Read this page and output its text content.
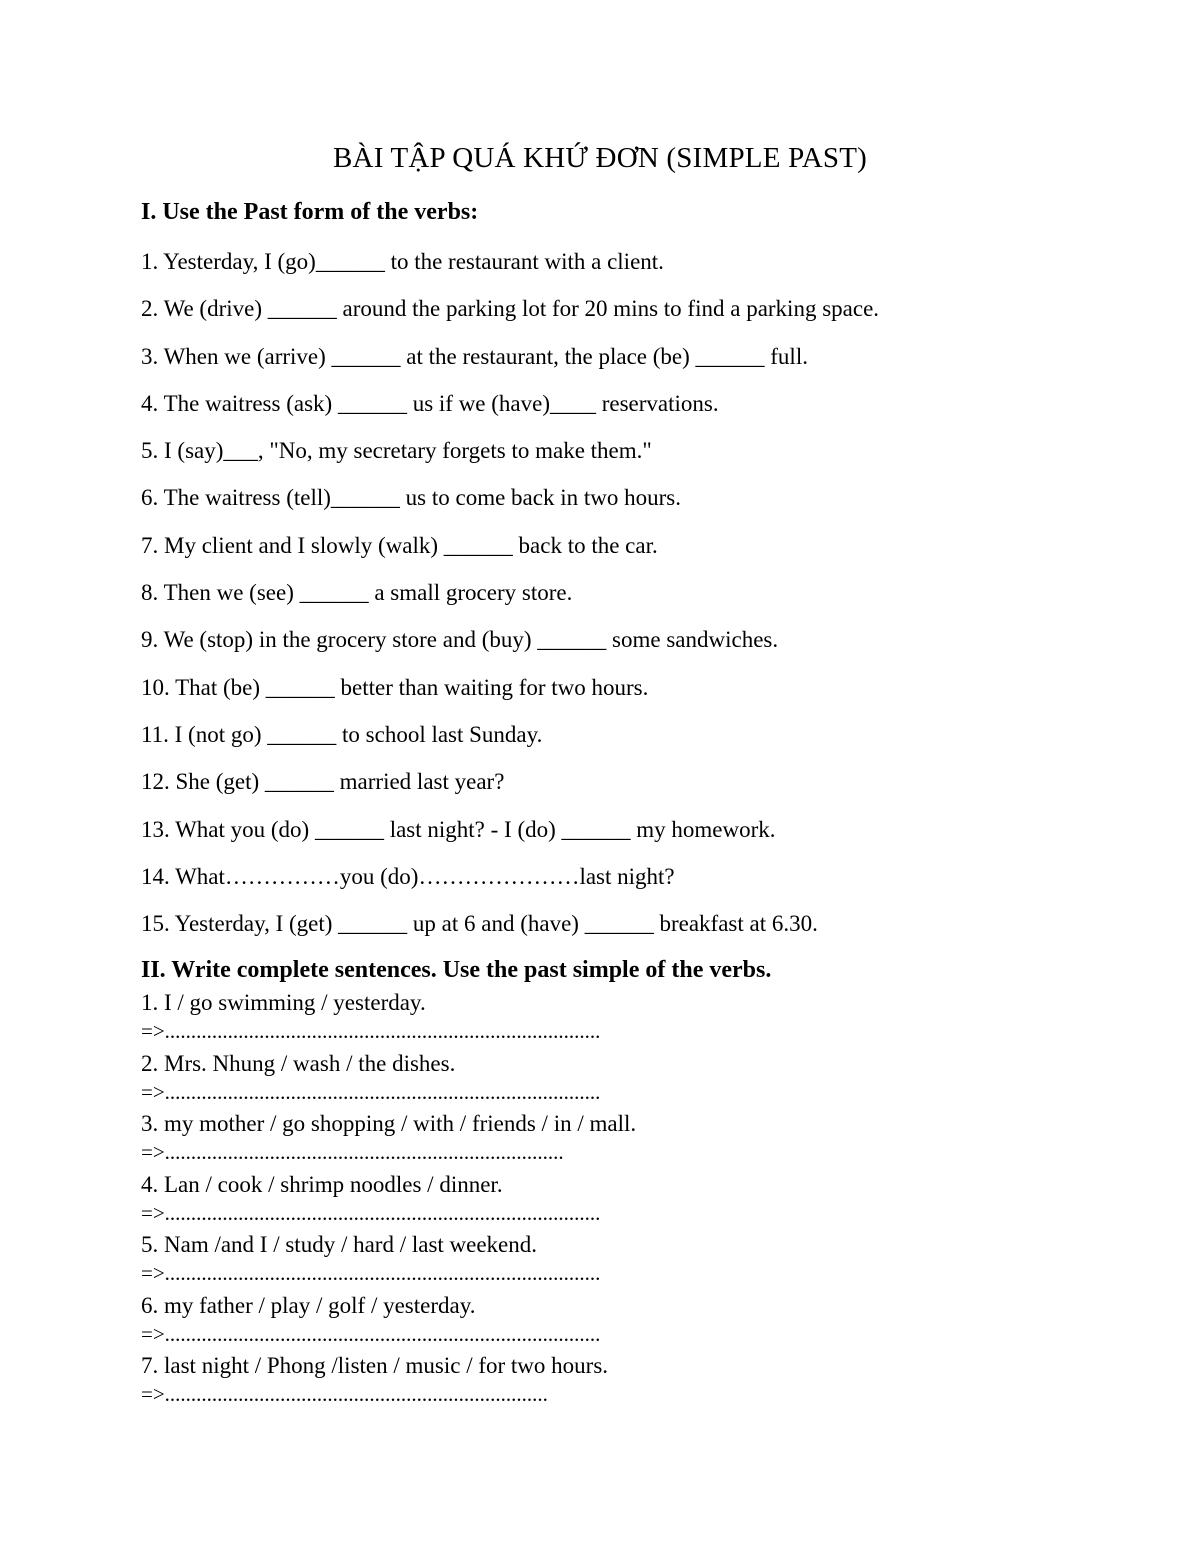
BÀI TẬP QUÁ KHỨ ĐƠN (SIMPLE PAST)
I. Use the Past form of the verbs:
1. Yesterday, I (go)______ to the restaurant with a client.
2. We (drive) ______ around the parking lot for 20 mins to find a parking space.
3. When we (arrive) ______ at the restaurant, the place (be) ______ full.
4. The waitress (ask) ______ us if we (have)____ reservations.
5. I (say)___, "No, my secretary forgets to make them."
6. The waitress (tell)______ us to come back in two hours.
7. My client and I slowly (walk) ______ back to the car.
8. Then we (see) ______ a small grocery store.
9. We (stop) in the grocery store and (buy) ______ some sandwiches.
10. That (be) ______ better than waiting for two hours.
11. I (not go) ______ to school last Sunday.
12. She (get) ______ married last year?
13. What you (do) ______ last night? - I (do) ______ my homework.
14. What……………you (do)…………………last night?
15. Yesterday, I (get) ______ up at 6 and (have) ______ breakfast at 6.30.
II. Write complete sentences. Use the past simple of the verbs.
1. I / go swimming / yesterday.
=>...................................................................................
2. Mrs. Nhung / wash / the dishes.
=>...................................................................................
3. my mother / go shopping / with / friends / in / mall.
=>............................................................................
4. Lan / cook / shrimp noodles / dinner.
=>...................................................................................
5. Nam /and I / study / hard / last weekend.
=>...................................................................................
6. my father / play / golf / yesterday.
=>...................................................................................
7. last night / Phong /listen / music / for two hours.
=>.........................................................................
